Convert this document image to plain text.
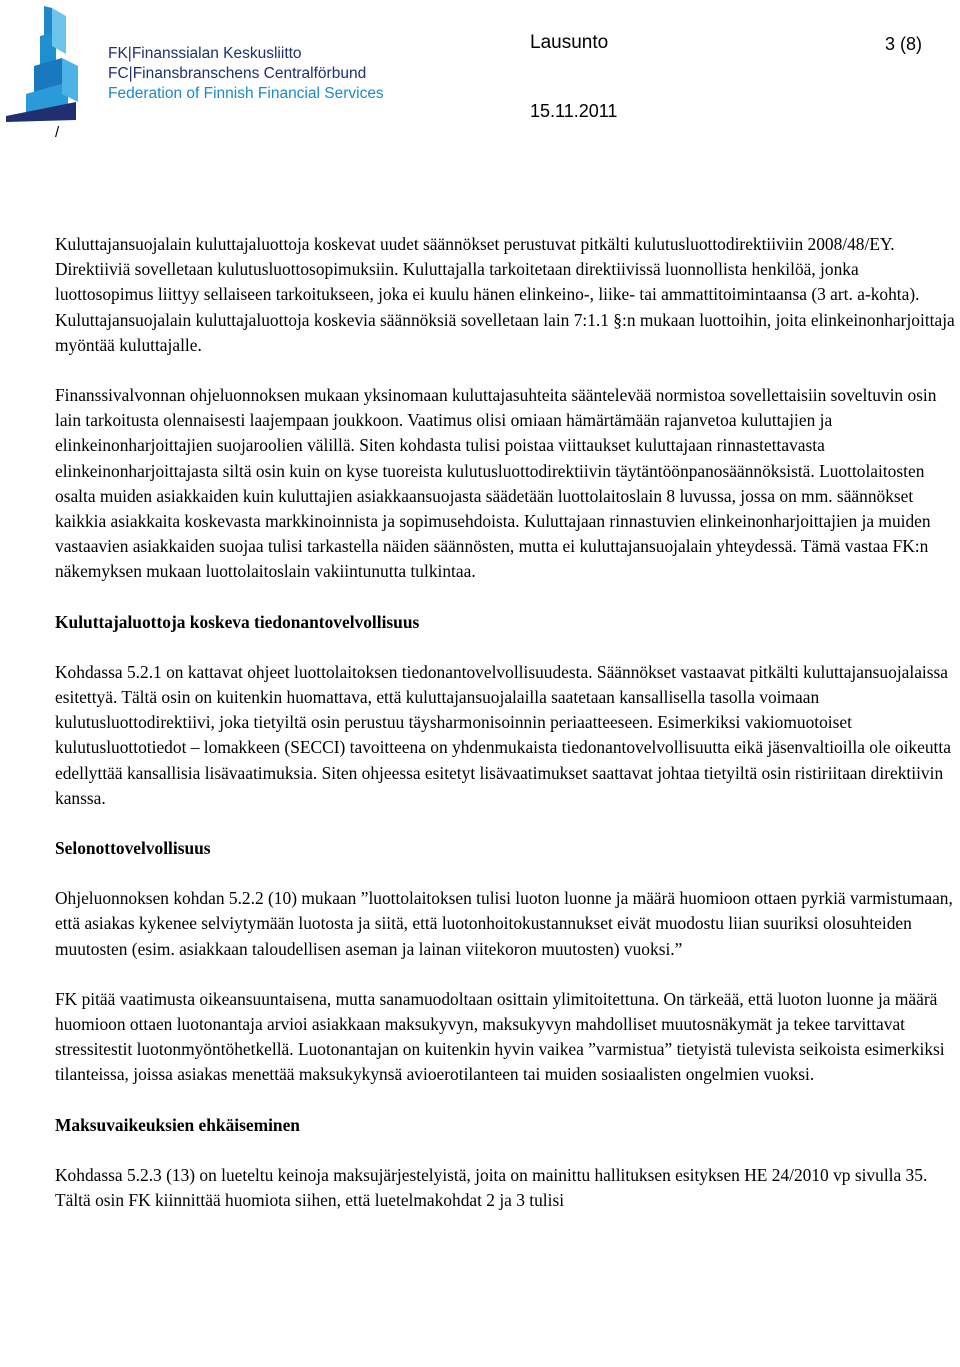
FK|Finanssialan Keskusliitto
FC|Finansbranschens Centralförbund
Federation of Finnish Financial Services
Lausunto	3 (8)
15.11.2011
/

Kuluttajansuojalain kuluttajaluottoja koskevat uudet säännökset perustuvat pitkälti kulutusluottodirektiiviin 2008/48/EY. Direktiiviä sovelletaan kulutusluottosopimuksiin. Kuluttajalla tarkoitetaan direktiivissä luonnollista henkilöä, jonka luottosopimus liittyy sellaiseen tarkoitukseen, joka ei kuulu hänen elinkeino-, liike- tai ammattitoimintaansa (3 art. a-kohta). Kuluttajansuojalain kuluttajaluottoja koskevia säännöksiä sovelletaan lain 7:1.1 §:n mukaan luottoihin, joita elinkeinonharjoittaja myöntää kuluttajalle.

Finanssivalvonnan ohjeluonnoksen mukaan yksinomaan kuluttajasuhteita sääntelevää normistoa sovellettaisiin soveltuvin osin lain tarkoitusta olennaisesti laajempaan joukkoon. Vaatimus olisi omiaan hämärtämään rajanvetoa kuluttajien ja elinkeinonharjoittajien suojaroolien välillä. Siten kohdasta tulisi poistaa viittaukset kuluttajaan rinnastettavasta elinkeinonharjoittajasta siltä osin kuin on kyse tuoreista kulutusluottodirektiivin täytäntöönpanosäännöksistä. Luottolaitosten osalta muiden asiakkaiden kuin kuluttajien asiakkaansuojasta säädetään luottolaitoslain 8 luvussa, jossa on mm. säännökset kaikkia asiakkaita koskevasta markkinoinnista ja sopimusehdoista. Kuluttajaan rinnastuvien elinkeinonharjoittajien ja muiden vastaavien asiakkaiden suojaa tulisi tarkastella näiden säännösten, mutta ei kuluttajansuojalain yhteydessä. Tämä vastaa FK:n näkemyksen mukaan luottolaitoslain vakiintunutta tulkintaa.

Kuluttajaluottoja koskeva tiedonantovelvollisuus

Kohdassa 5.2.1 on kattavat ohjeet luottolaitoksen tiedonantovelvollisuudesta. Säännökset vastaavat pitkälti kuluttajansuojalaissa esitettyä. Tältä osin on kuitenkin huomattava, että kuluttajansuojalailla saatetaan kansallisella tasolla voimaan kulutusluottodirektiivi, joka tietyiltä osin perustuu täysharmonisoinnin periaatteeseen. Esimerkiksi vakiomuotoiset kulutusluottotiedot – lomakkeen (SECCI) tavoitteena on yhdenmukaista tiedonantovelvollisuutta eikä jäsenvaltioilla ole oikeutta edellyttää kansallisia lisävaatimuksia. Siten ohjeessa esitetyt lisävaatimukset saattavat johtaa tietyiltä osin ristiriitaan direktiivin kanssa.

Selonottovelvollisuus

Ohjeluonnoksen kohdan 5.2.2 (10) mukaan ”luottolaitoksen tulisi luoton luonne ja määrä huomioon ottaen pyrkiä varmistumaan, että asiakas kykenee selviytymään luotosta ja siitä, että luotonhoitokustannukset eivät muodostu liian suuriksi olosuhteiden muutosten (esim. asiakkaan taloudellisen aseman ja lainan viitekoron muutosten) vuoksi.”

FK pitää vaatimusta oikeansuuntaisena, mutta sanamuodoltaan osittain ylimitoitettuna. On tärkeää, että luoton luonne ja määrä huomioon ottaen luotonantaja arvioi asiakkaan maksukyvyn, maksukyvyn mahdolliset muutosnäkymät ja tekee tarvittavat stressitestit luotonmyöntöhetkellä. Luotonantajan on kuitenkin hyvin vaikea ”varmistua” tietyistä tulevista seikoista esimerkiksi tilanteissa, joissa asiakas menettää maksukykynsä avioerotilanteen tai muiden sosiaalisten ongelmien vuoksi.

Maksuvaikeuksien ehkäiseminen

Kohdassa 5.2.3 (13) on lueteltu keinoja maksujärjestelyistä, joita on mainittu hallituksen esityksen HE 24/2010 vp sivulla 35. Tältä osin FK kiinnittää huomiota siihen, että luetelmakohdat 2 ja 3 tulisi
